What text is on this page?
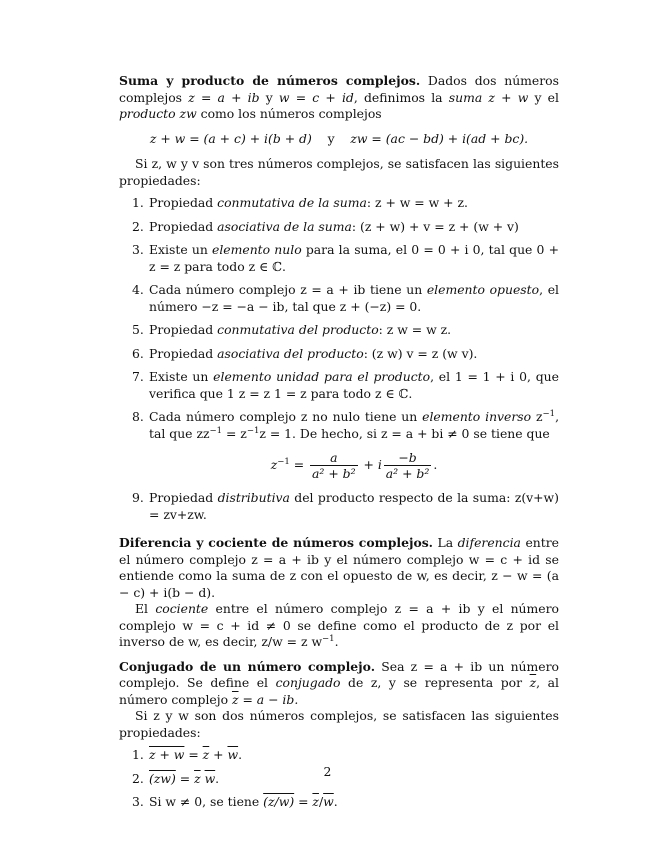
Suma y producto de números complejos. Dados dos números complejos z = a + ib y w = c + id, definimos la suma z + w y el producto zw como los números complejos

z + w = (a + c) + i(b + d) y zw = (ac − bd) + i(ad + bc).

Si z, w y v son tres números complejos, se satisfacen las siguientes propiedades:

1. Propiedad conmutativa de la suma: z + w = w + z.
2. Propiedad asociativa de la suma: (z + w) + v = z + (w + v)
3. Existe un elemento nulo para la suma, el 0 = 0 + i 0, tal que 0 + z = z para todo z ∈ ℂ.
4. Cada número complejo z = a + ib tiene un elemento opuesto, el número −z = −a − ib, tal que z + (−z) = 0.
5. Propiedad conmutativa del producto: z w = w z.
6. Propiedad asociativa del producto: (z w) v = z (w v).
7. Existe un elemento unidad para el producto, el 1 = 1 + i 0, que verifica que 1 z = z 1 = z para todo z ∈ ℂ.
8. Cada número complejo z no nulo tiene un elemento inverso $z^{-1}$, tal que $zz^{-1} = z^{-1}z = 1$. De hecho, si z = a + bi ≠ 0 se tiene que
$z^{-1} = \frac{a}{\text{a² + b²}} + i \frac{-b}{\text{a² + b²}}$ .
9. Propiedad distributiva del producto respecto de la suma: z(v+w) = zv+zw.

Diferencia y cociente de números complejos. La diferencia entre el número complejo z = a + ib y el número complejo w = c + id se entiende como la suma de z con el opuesto de w, es decir, z − w = (a − c) + i(b − d).

El cociente entre el número complejo z = a + ib y el número complejo w = c + id ≠ 0 se define como el producto de z por el inverso de w, es decir, z/w = z $w^{-1}$.

Conjugado de un número complejo. Sea z = a + ib un número complejo. Se define el conjugado de z, y se representa por $\overline{z}$, al número complejo $\overline{z} = a$ − ib.

Si z y w son dos números complejos, se satisfacen las siguientes propiedades:

1. $z + w = \overline{z} + \overline{w}$.
2. $(zw) = \overline{z}$ $\overline{w}$.
3. Si w ≠ 0, se tiene $(z/w) = \overline{z}/\overline{w}$.
2
